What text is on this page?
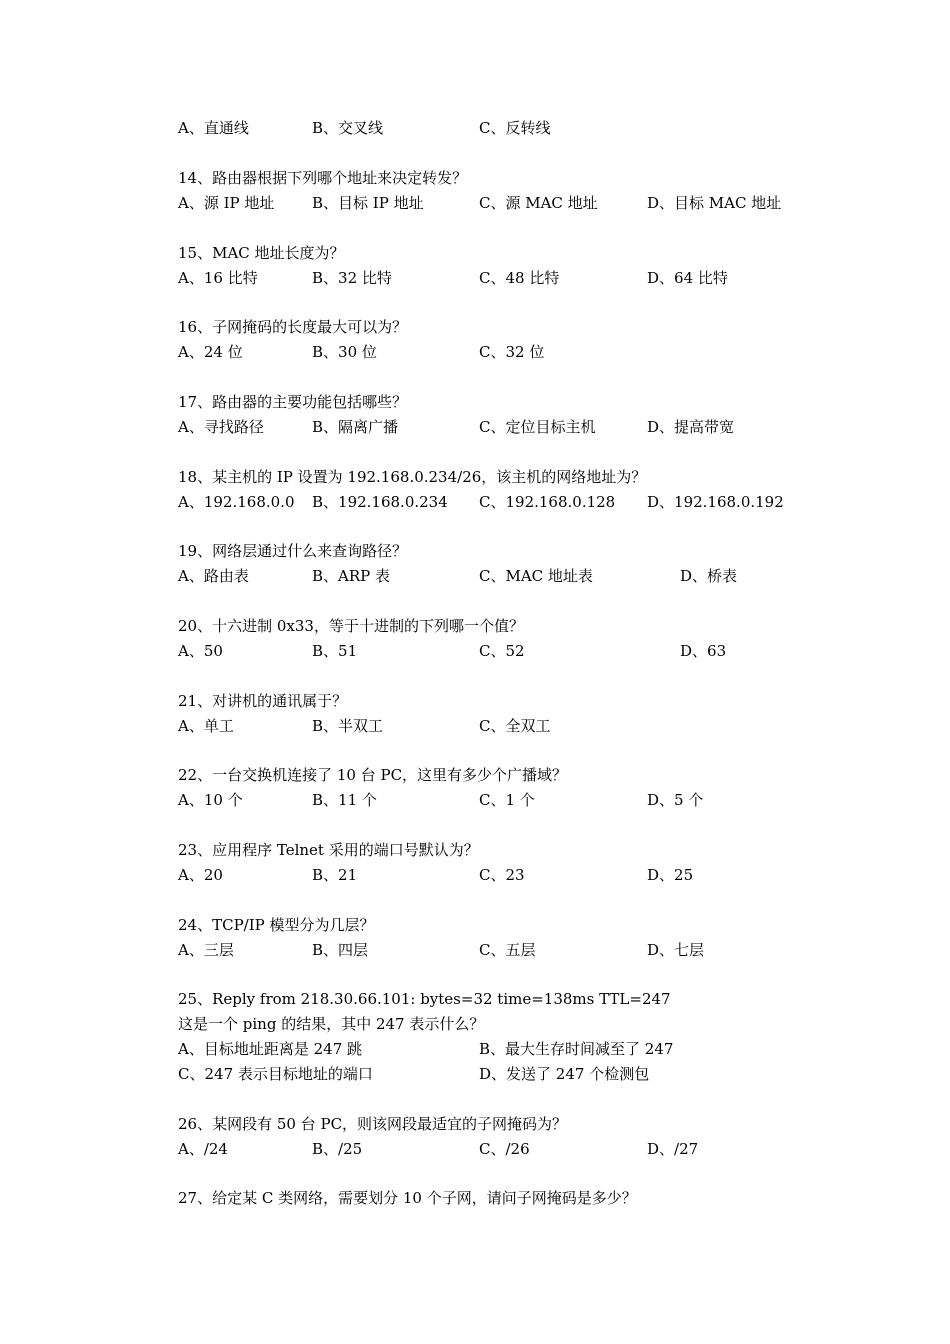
A、直通线	B、交叉线	C、反转线
14、路由器根据下列哪个地址来决定转发？
A、源 IP 地址	B、目标 IP 地址	C、源 MAC 地址	D、目标 MAC 地址
15、MAC 地址长度为？
A、16 比特	B、32 比特	C、48 比特	D、64 比特
16、子网掩码的长度最大可以为？
A、24 位	B、30 位	C、32 位
17、路由器的主要功能包括哪些？
A、寻找路径	B、隔离广播	C、定位目标主机	D、提高带宽
18、某主机的 IP 设置为 192.168.0.234/26，该主机的网络地址为？
A、192.168.0.0 B、192.168.0.234 C、192.168.0.128 D、192.168.0.192
19、网络层通过什么来查询路径？
A、路由表	B、ARP 表	C、MAC 地址表	D、桥表
20、十六进制 0x33，等于十进制的下列哪一个值？
A、50	B、51	C、52	D、63
21、对讲机的通讯属于？
A、单工	B、半双工	C、全双工
22、一台交换机连接了 10 台 PC，这里有多少个广播域？
A、10 个	B、11 个	C、1 个	D、5 个
23、应用程序 Telnet 采用的端口号默认为？
A、20	B、21	C、23	D、25
24、TCP/IP 模型分为几层？
A、三层	B、四层	C、五层	D、七层
25、Reply from 218.30.66.101: bytes=32 time=138ms TTL=247
这是一个 ping 的结果，其中 247 表示什么？
A、目标地址距离是 247 跳	B、最大生存时间减至了 247
C、247 表示目标地址的端口	D、发送了 247 个检测包
26、某网段有 50 台 PC，则该网段最适宜的子网掩码为？
A、/24	B、/25	C、/26	D、/27
27、给定某 C 类网络，需要划分 10 个子网，请问子网掩码是多少？
